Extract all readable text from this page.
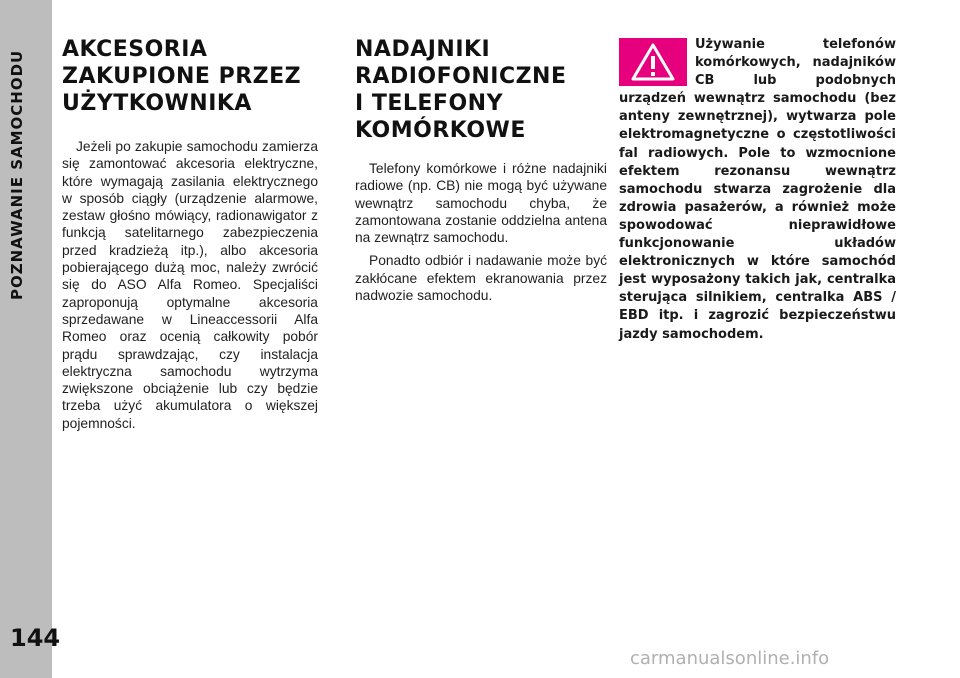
POZNAWANIE SAMOCHODU
144
AKCESORIA
ZAKUPIONE PRZEZ
UŻYTKOWNIKA

Jeżeli po zakupie samochodu zamierza się zamontować akcesoria elektryczne, które wymagają zasilania elektrycznego w sposób ciągły (urządzenie alarmowe, zestaw głośno mówiący, radionawigator z funkcją satelitarnego zabezpieczenia przed kradzieżą itp.), albo akcesoria pobierającego dużą moc, należy zwrócić się do ASO Alfa Romeo. Specjaliści zaproponują optymalne akcesoria sprzedawane w Lineaccessorii Alfa Romeo oraz ocenią całkowity pobór prądu sprawdzając, czy instalacja elektryczna samochodu wytrzyma zwiększone obciążenie lub czy będzie trzeba użyć akumulatora o większej pojemności.

NADAJNIKI
RADIOFONICZNE
I TELEFONY
KOMÓRKOWE

Telefony komórkowe i różne nadajniki radiowe (np. CB) nie mogą być używane wewnątrz samochodu chyba, że zamontowana zostanie oddzielna antena na zewnątrz samochodu.

Ponadto odbiór i nadawanie może być zakłócane efektem ekranowania przez nadwozie samochodu.

Używanie telefonów komórkowych, nadajników CB lub podobnych urządzeń wewnątrz samochodu (bez anteny zewnętrznej), wytwarza pole elektromagnetyczne o częstotliwości fal radiowych. Pole to wzmocnione efektem rezonansu wewnątrz samochodu stwarza zagrożenie dla zdrowia pasażerów, a również może spowodować nieprawidłowe funkcjonowanie układów elektronicznych w które samochód jest wyposażony takich jak, centralka sterująca silnikiem, centralka ABS / EBD itp. i zagrozić bezpieczeństwu jazdy samochodem.
carmanualsonline.info
